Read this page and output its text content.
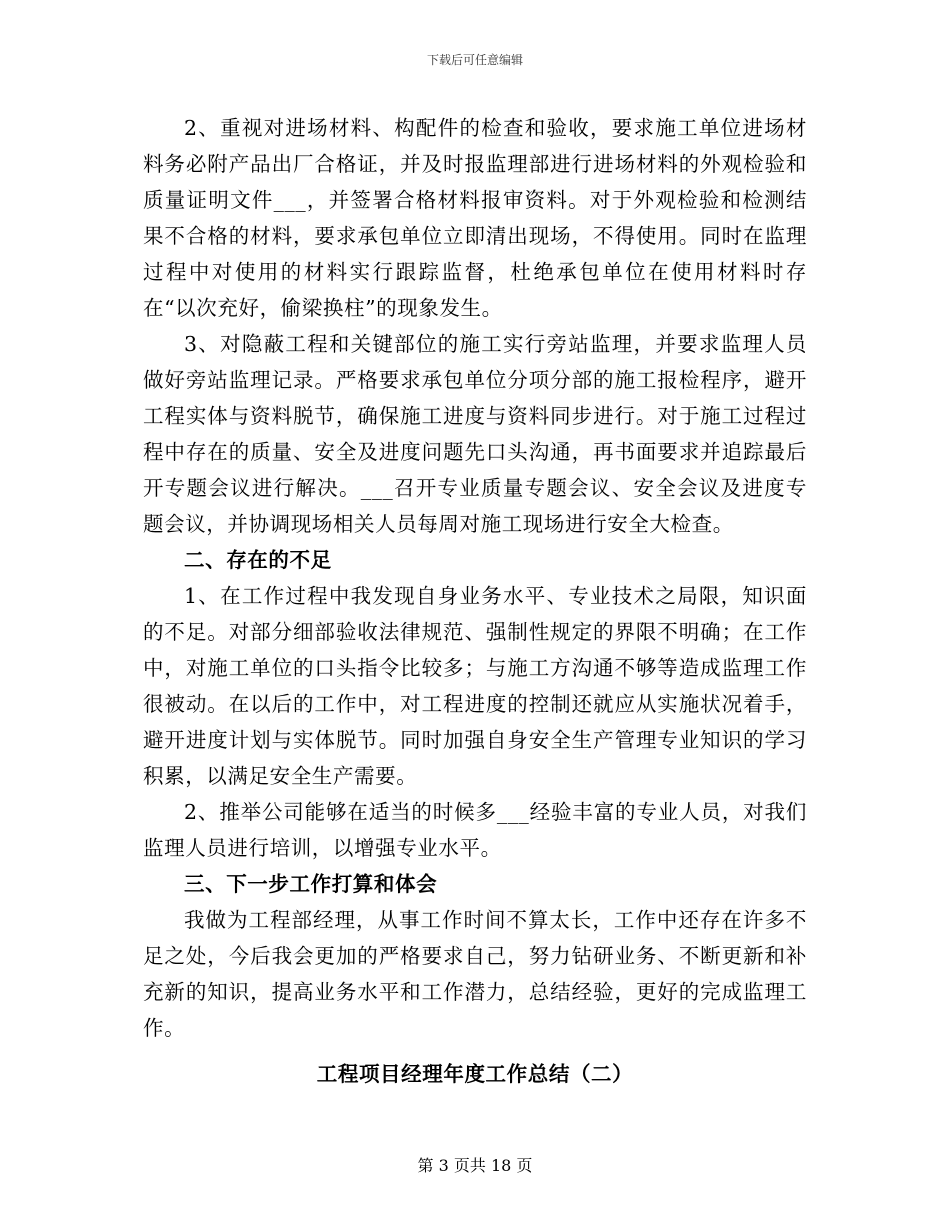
下载后可任意编辑

2、重视对进场材料、构配件的检查和验收，要求施工单位进场材料务必附产品出厂合格证，并及时报监理部进行进场材料的外观检验和质量证明文件___，并签署合格材料报审资料。对于外观检验和检测结果不合格的材料，要求承包单位立即清出现场，不得使用。同时在监理过程中对使用的材料实行跟踪监督，杜绝承包单位在使用材料时存在“以次充好，偷梁换柱”的现象发生。

3、对隐蔽工程和关键部位的施工实行旁站监理，并要求监理人员做好旁站监理记录。严格要求承包单位分项分部的施工报检程序，避开工程实体与资料脱节，确保施工进度与资料同步进行。对于施工过程过程中存在的质量、安全及进度问题先口头沟通，再书面要求并追踪最后开专题会议进行解决。___召开专业质量专题会议、安全会议及进度专题会议，并协调现场相关人员每周对施工现场进行安全大检查。

二、存在的不足

1、在工作过程中我发现自身业务水平、专业技术之局限，知识面的不足。对部分细部验收法律规范、强制性规定的界限不明确；在工作中，对施工单位的口头指令比较多；与施工方沟通不够等造成监理工作很被动。在以后的工作中，对工程进度的控制还就应从实施状况着手，避开进度计划与实体脱节。同时加强自身安全生产管理专业知识的学习积累，以满足安全生产需要。

2、推举公司能够在适当的时候多___经验丰富的专业人员，对我们监理人员进行培训，以增强专业水平。

三、下一步工作打算和体会

我做为工程部经理，从事工作时间不算太长，工作中还存在许多不足之处，今后我会更加的严格要求自己，努力钻研业务、不断更新和补充新的知识，提高业务水平和工作潜力，总结经验，更好的完成监理工作。

工程项目经理年度工作总结（二）

第 3 页共 18 页
